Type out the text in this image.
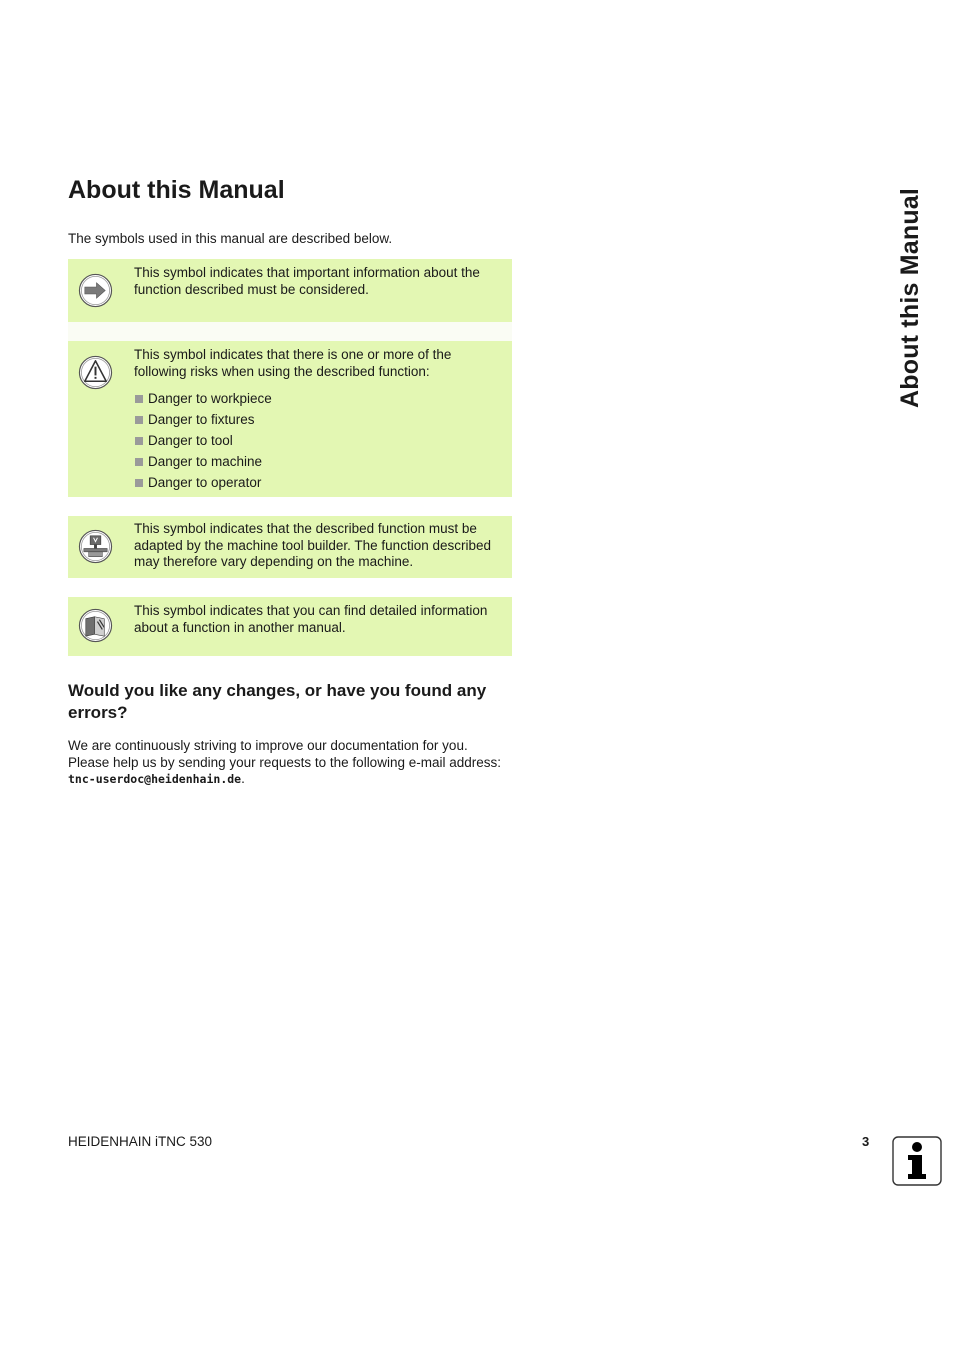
About this Manual
The symbols used in this manual are described below.
This symbol indicates that important information about the function described must be considered.
This symbol indicates that there is one or more of the following risks when using the described function:
Danger to workpiece
Danger to fixtures
Danger to tool
Danger to machine
Danger to operator
This symbol indicates that the described function must be adapted by the machine tool builder. The function described may therefore vary depending on the machine.
This symbol indicates that you can find detailed information about a function in another manual.
Would you like any changes, or have you found any errors?
We are continuously striving to improve our documentation for you. Please help us by sending your requests to the following e-mail address: tnc-userdoc@heidenhain.de.
About this Manual
HEIDENHAIN iTNC 530	3
